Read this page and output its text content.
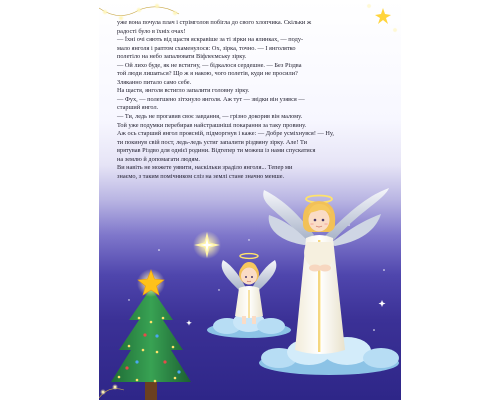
уже вона почула плач і стрімголов побігла до свого хлопчика. Скільки ж

радості було в їхніх очах!

— Їхні очі сяють від щастя яскравіше за ті зірки на ялинках, — поду-

мало янголя і раптом схаменулося: Ох, зірка, точно. — І янголятко

полетіло на небо запалювати Віфлеємську зірку.

— Ой лихо буде, як не встигну, — бідкалося сердешне. — Без Різдва

той люди лишаться? Що ж я накою, чого полетів, куди не просили?

Зляканно питало само себе.

На щастя, янголя встигло запалити головну зірку.

— Фух, — полегшено зітхнуло янголя. Аж тут — звідки він узявся —

старший янгол.

— Ти, ледь не прогавив своє завдання, — грізно докорив він малому.

Той уже подумки перебирав найстрашніші покарання за таку провину.

Аж ось старший янгол проясній, підморгнув і каже: — Добре усміхнувся! — Ну,

ти покинув свій пост, ледь-ледь устиг запалити різдвяну зірку. Але! Ти

врятував Різдво для однієї родини. Відтепер ти можеш із нами спускатися

на землю й допомагати людям.

Ви навіть не можете уявити, наскільки зраділо янголя... Тепер ми

знаємо, з таким помічником сліз на землі стане значно менше.
